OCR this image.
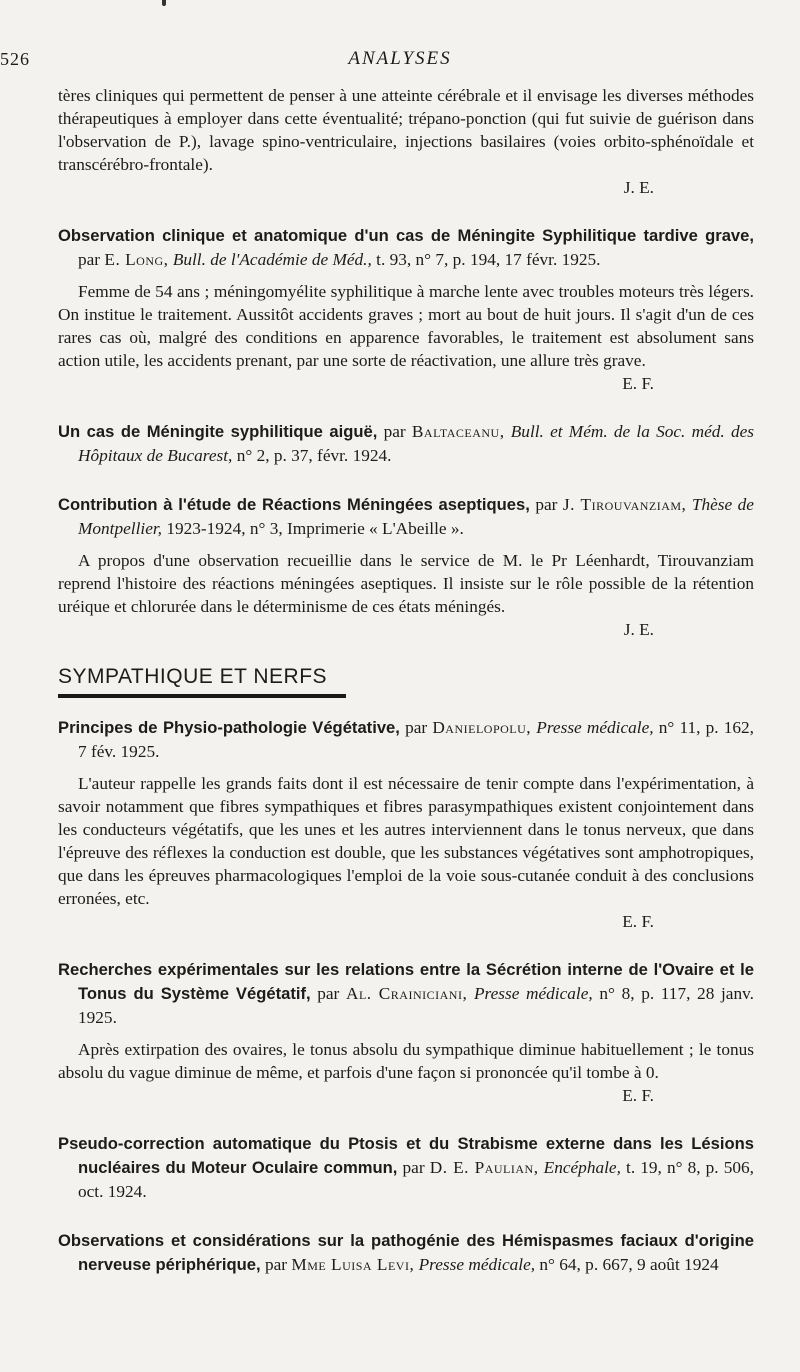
526	ANALYSES

tères cliniques qui permettent de penser à une atteinte cérébrale et il envisage les diverses méthodes thérapeutiques à employer dans cette éventualité; trépano-ponction (qui fut suivie de guérison dans l'observation de P.), lavage spino-ventriculaire, injections basilaires (voies orbito-sphénoïdale et transcérébro-frontale).

J. E.
Observation clinique et anatomique d'un cas de Méningite Syphilitique tardive grave, par E. Long, Bull. de l'Académie de Méd., t. 93, n° 7, p. 194, 17 févr. 1925.

Femme de 54 ans ; méningomyélite syphilitique à marche lente avec troubles moteurs très légers. On institue le traitement. Aussitôt accidents graves ; mort au bout de huit jours. Il s'agit d'un de ces rares cas où, malgré des conditions en apparence favorables, le traitement est absolument sans action utile, les accidents prenant, par une sorte de réactivation, une allure très grave.

E. F.
Un cas de Méningite syphilitique aiguë, par Baltaceanu, Bull. et Mém. de la Soc. méd. des Hôpitaux de Bucarest, n° 2, p. 37, févr. 1924.
Contribution à l'étude de Réactions Méningées aseptiques, par J. Tirouvanziam, Thèse de Montpellier, 1923-1924, n° 3, Imprimerie « L'Abeille ».

A propos d'une observation recueillie dans le service de M. le Pr Léenhardt, Tirouvanziam reprend l'histoire des réactions méningées aseptiques. Il insiste sur le rôle possible de la rétention uréique et chlorurée dans le déterminisme de ces états méningés.

J. E.
SYMPATHIQUE ET NERFS
Principes de Physio-pathologie Végétative, par Danielopolu, Presse médicale, n° 11, p. 162, 7 fév. 1925.

L'auteur rappelle les grands faits dont il est nécessaire de tenir compte dans l'expérimentation, à savoir notamment que fibres sympathiques et fibres parasympathiques existent conjointement dans les conducteurs végétatifs, que les unes et les autres interviennent dans le tonus nerveux, que dans l'épreuve des réflexes la conduction est double, que les substances végétatives sont amphotropiques, que dans les épreuves pharmacologiques l'emploi de la voie sous-cutanée conduit à des conclusions erronées, etc.

E. F.
Recherches expérimentales sur les relations entre la Sécrétion interne de l'Ovaire et le Tonus du Système Végétatif, par Al. Crainiciani, Presse médicale, n° 8, p. 117, 28 janv. 1925.

Après extirpation des ovaires, le tonus absolu du sympathique diminue habituellement ; le tonus absolu du vague diminue de même, et parfois d'une façon si prononcée qu'il tombe à 0.

E. F.
Pseudo-correction automatique du Ptosis et du Strabisme externe dans les Lésions nucléaires du Moteur Oculaire commun, par D. E. Paulian, Encéphale, t. 19, n° 8, p. 506, oct. 1924.
Observations et considérations sur la pathogénie des Hémispasmes faciaux d'origine nerveuse périphérique, par Mme Luisa Levi, Presse médicale, n° 64, p. 667, 9 août 1924
